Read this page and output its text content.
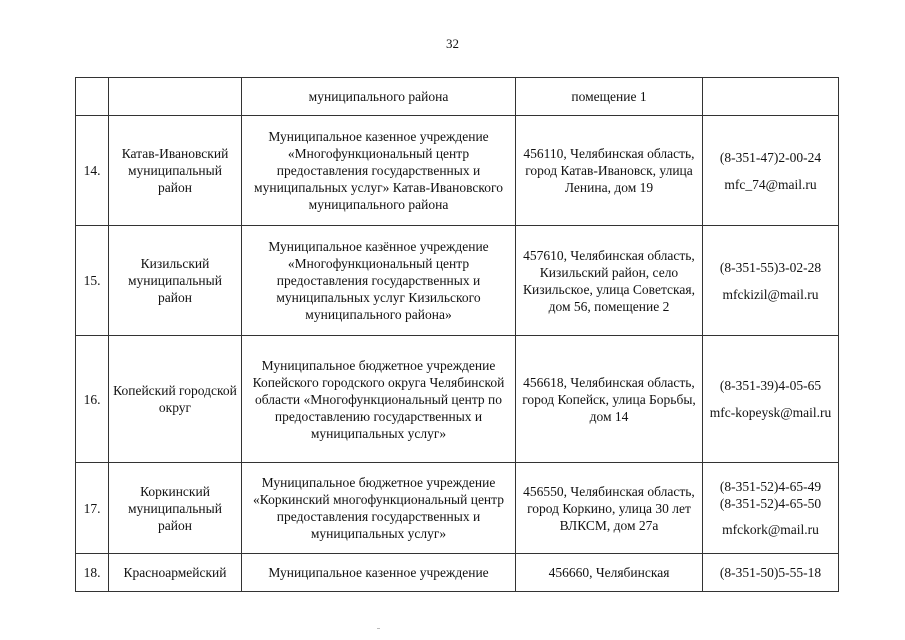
32
		муниципального района	помещение 1	
14.	Катав-Ивановский муниципальный район	Муниципальное казенное учреждение «Многофункциональный центр предоставления государственных и муниципальных услуг» Катав-Ивановского муниципального района	456110, Челябинская область, город Катав-Ивановск, улица Ленина, дом 19	(8-351-47)2-00-24
mfc_74@mail.ru

15.	Кизильский муниципальный район	Муниципальное казённое учреждение «Многофункциональный центр предоставления государственных и муниципальных услуг Кизильского муниципального района»	457610, Челябинская область, Кизильский район, село Кизильское, улица Советская, дом 56, помещение 2	(8-351-55)3-02-28
mfckizil@mail.ru

16.	Копейский городской округ	Муниципальное бюджетное учреждение Копейского городского округа Челябинской области «Многофункциональный центр по предоставлению государственных и муниципальных услуг»	456618, Челябинская область, город Копейск, улица Борьбы, дом 14	(8-351-39)4-05-65
mfc-kopeysk@mail.ru

17.	Коркинский муниципальный район	Муниципальное бюджетное учреждение «Коркинский многофункциональный центр предоставления государственных и муниципальных услуг»	456550, Челябинская область, город Коркино, улица 30 лет ВЛКСМ, дом 27а	(8-351-52)4-65-49
(8-351-52)4-65-50
mfckork@mail.ru

18.	Красноармейский	Муниципальное казенное учреждение	456660, Челябинская	(8-351-50)5-55-18
